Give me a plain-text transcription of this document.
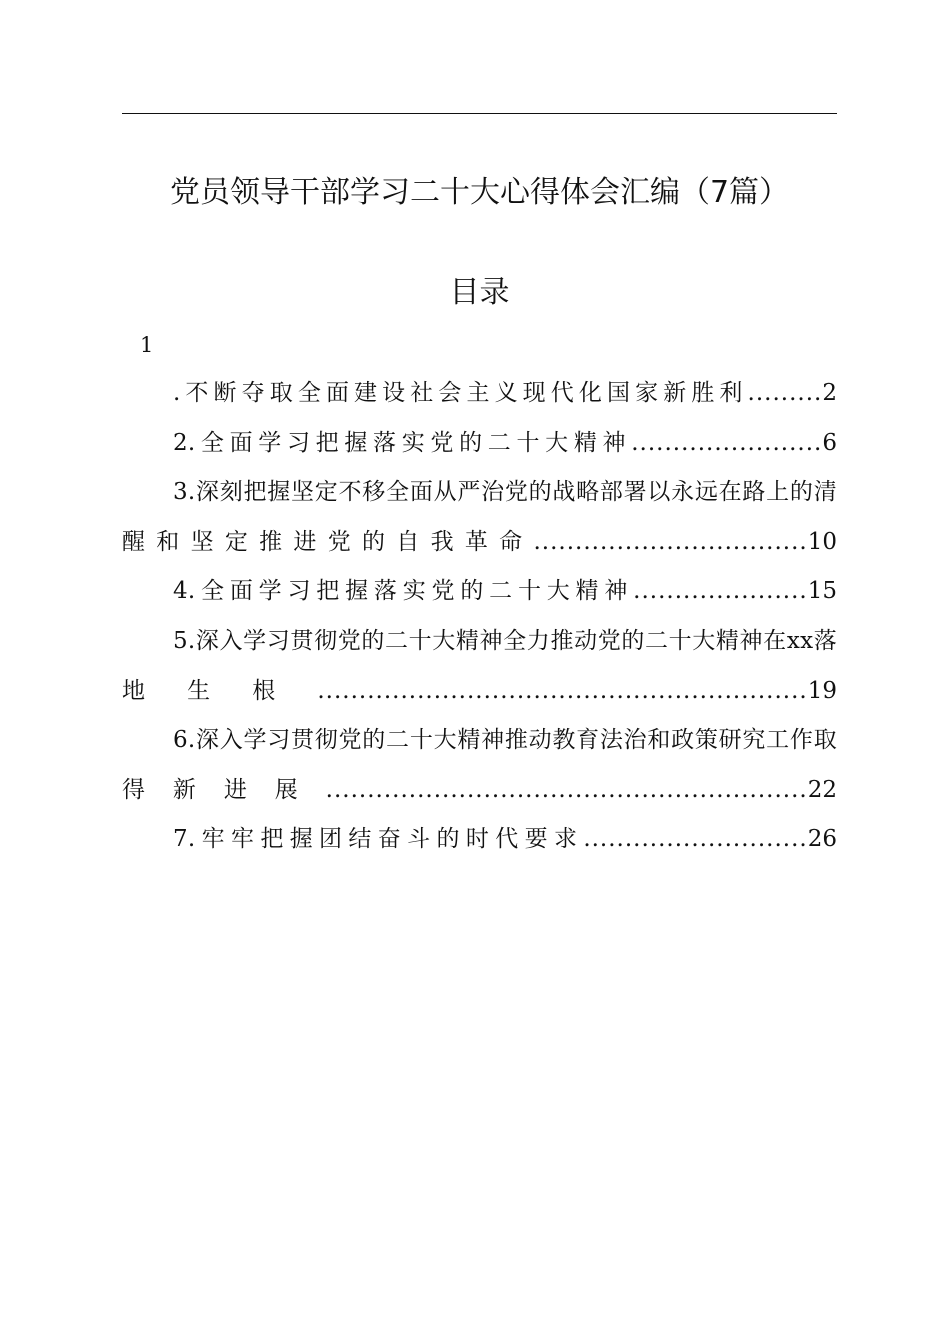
党员领导干部学习二十大心得体会汇编（7篇）
目录
1
.不断夺取全面建设社会主义现代化国家新胜利.........2
2.全面学习把握落实党的二十大精神.......................6
3.深刻把握坚定不移全面从严治党的战略部署以永远在路上的清醒和坚定推进党的自我革命.................................10
4.全面学习把握落实党的二十大精神.....................15
5.深入学习贯彻党的二十大精神全力推动党的二十大精神在xx落地生根...........................................................19
6.深入学习贯彻党的二十大精神推动教育法治和政策研究工作取得新进展..........................................................22
7.牢牢把握团结奋斗的时代要求...........................26
